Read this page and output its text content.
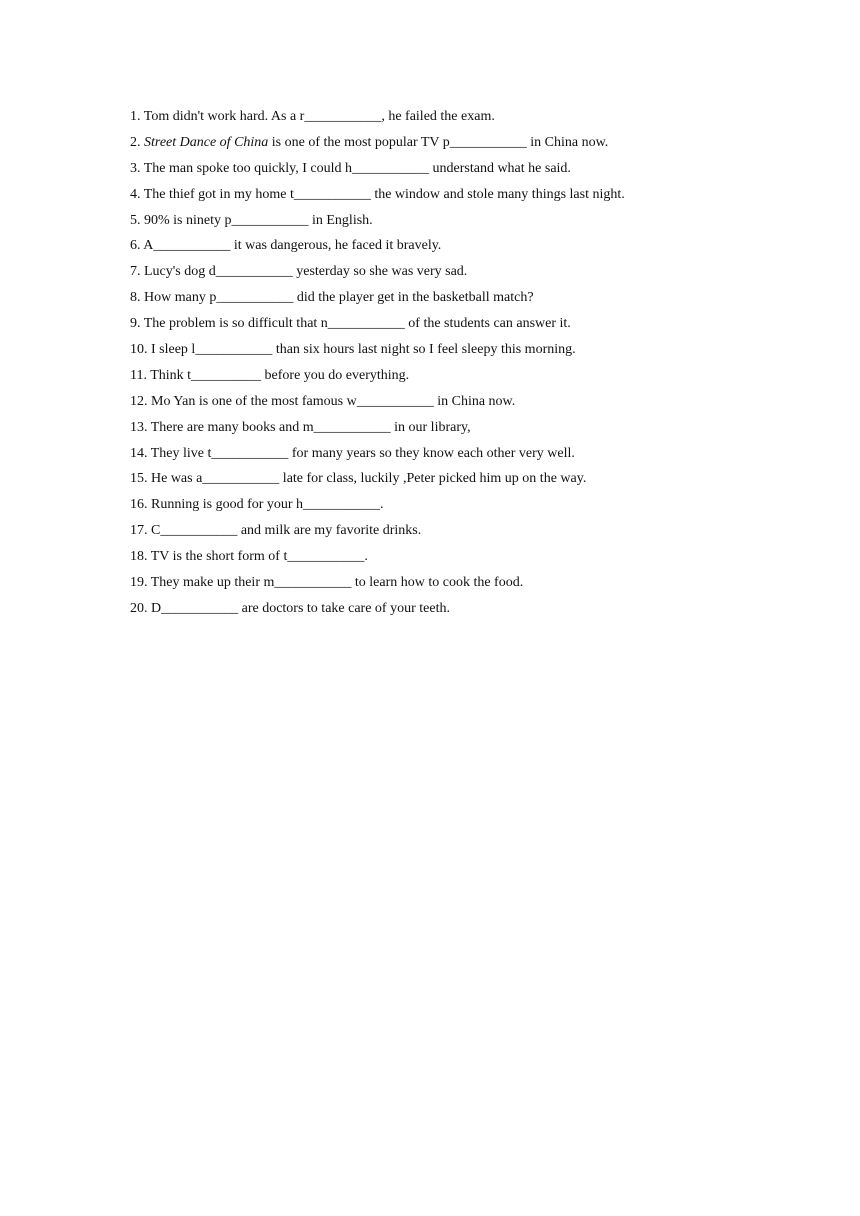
1. Tom didn't work hard. As a r___________, he failed the exam.
2. Street Dance of China is one of the most popular TV p___________ in China now.
3. The man spoke too quickly, I could h___________ understand what he said.
4. The thief got in my home t___________ the window and stole many things last night.
5. 90% is ninety p___________ in English.
6. A___________ it was dangerous, he faced it bravely.
7. Lucy's dog d___________ yesterday so she was very sad.
8. How many p___________ did the player get in the basketball match?
9. The problem is so difficult that n___________ of the students can answer it.
10. I sleep l___________ than six hours last night so I feel sleepy this morning.
11. Think t__________ before you do everything.
12. Mo Yan is one of the most famous w___________ in China now.
13. There are many books and m___________ in our library,
14. They live t___________ for many years so they know each other very well.
15. He was a___________ late for class, luckily ,Peter picked him up on the way.
16. Running is good for your h___________.
17. C___________ and milk are my favorite drinks.
18. TV is the short form of t___________.
19. They make up their m___________ to learn how to cook the food.
20. D___________ are doctors to take care of your teeth.
